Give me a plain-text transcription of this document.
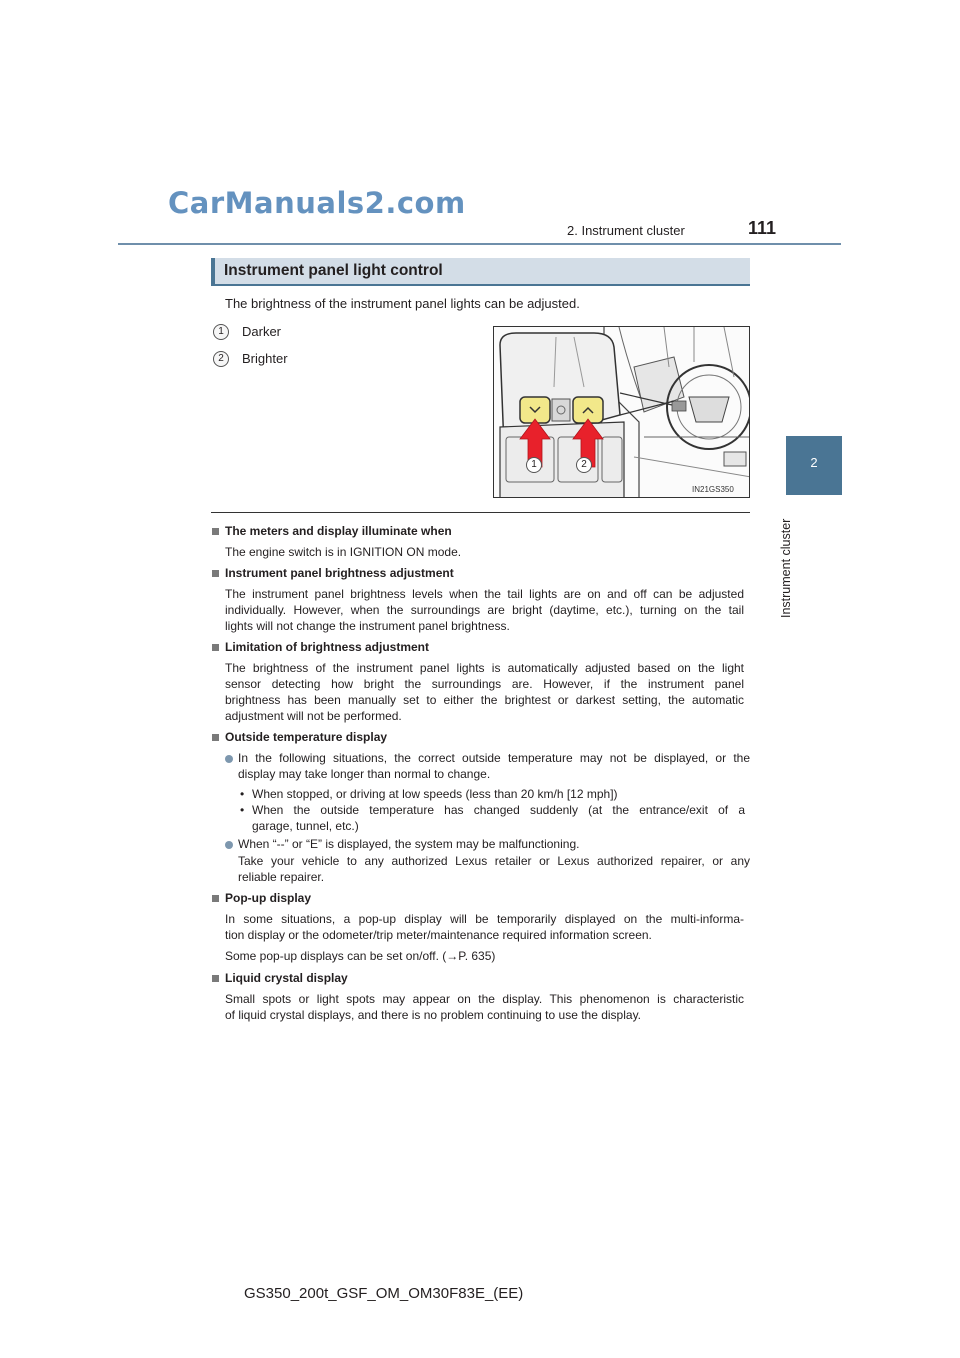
CarManuals2.com
2. Instrument cluster	111
2
Instrument cluster
Instrument panel light control
The brightness of the instrument panel lights can be adjusted.
1	Darker
2	Brighter
1	2
IN21GS350
The meters and display illuminate when
The engine switch is in IGNITION ON mode.
Instrument panel brightness adjustment
The instrument panel brightness levels when the tail lights are on and off can be adjusted
individually. However, when the surroundings are bright (daytime, etc.), turning on the tail
lights will not change the instrument panel brightness.
Limitation of brightness adjustment
The brightness of the instrument panel lights is automatically adjusted based on the light
sensor detecting how bright the surroundings are. However, if the instrument panel
brightness has been manually set to either the brightest or darkest setting, the automatic
adjustment will not be performed.
Outside temperature display
In the following situations, the correct outside temperature may not be displayed, or the
display may take longer than normal to change.
• When stopped, or driving at low speeds (less than 20 km/h [12 mph])
• When the outside temperature has changed suddenly (at the entrance/exit of a
garage, tunnel, etc.)
When “--” or “E” is displayed, the system may be malfunctioning.
Take your vehicle to any authorized Lexus retailer or Lexus authorized repairer, or any
reliable repairer.
Pop-up display
In some situations, a pop-up display will be temporarily displayed on the multi-informa-
tion display or the odometer/trip meter/maintenance required information screen.
Some pop-up displays can be set on/off. (→P. 635)
Liquid crystal display
Small spots or light spots may appear on the display. This phenomenon is characteristic
of liquid crystal displays, and there is no problem continuing to use the display.
GS350_200t_GSF_OM_OM30F83E_(EE)
